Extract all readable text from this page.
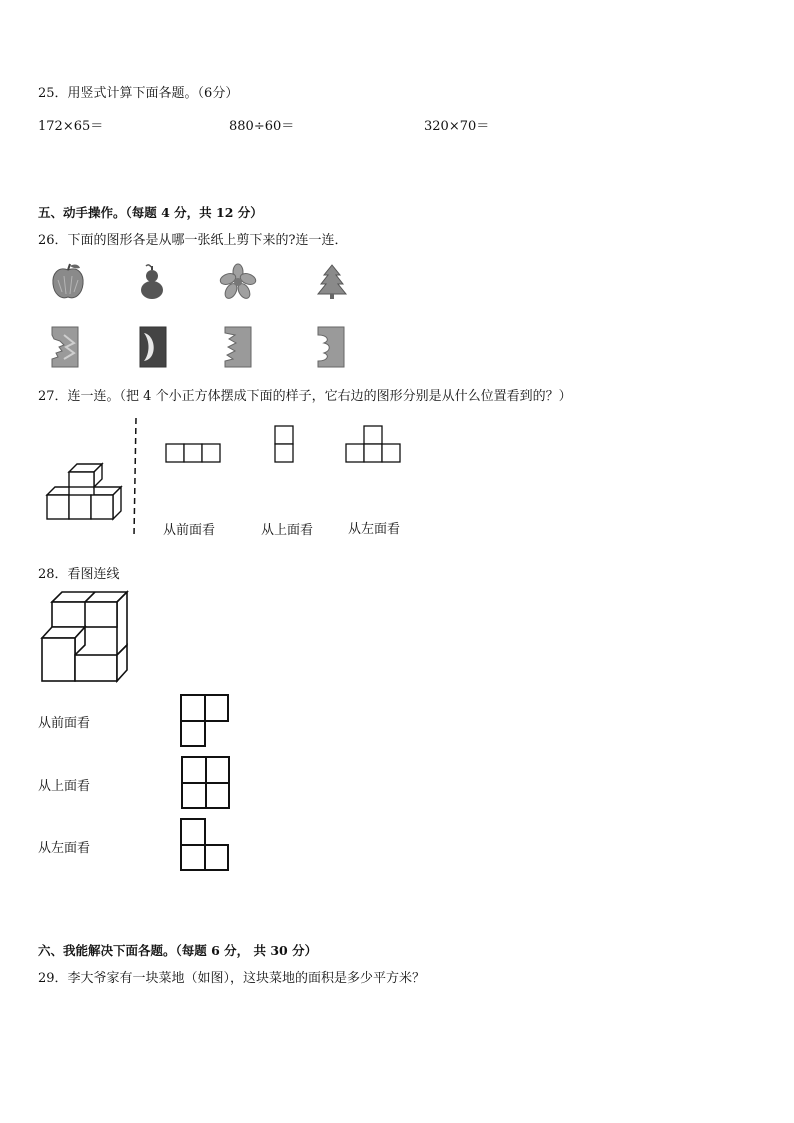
25．用竖式计算下面各题。（6分）
172×65＝	880÷60＝	320×70＝
五、动手操作。（每题 4 分，共 12 分）
26．下面的图形各是从哪一张纸上剪下来的?连一连．
27．连一连。（把 4 个小正方体摆成下面的样子，它右边的图形分别是从什么位置看到的？）
从前面看	从上面看	从左面看
28．看图连线
从前面看
从上面看
从左面看
六、我能解决下面各题。（每题 6 分， 共 30 分）
29．李大爷家有一块菜地（如图），这块菜地的面积是多少平方米？
